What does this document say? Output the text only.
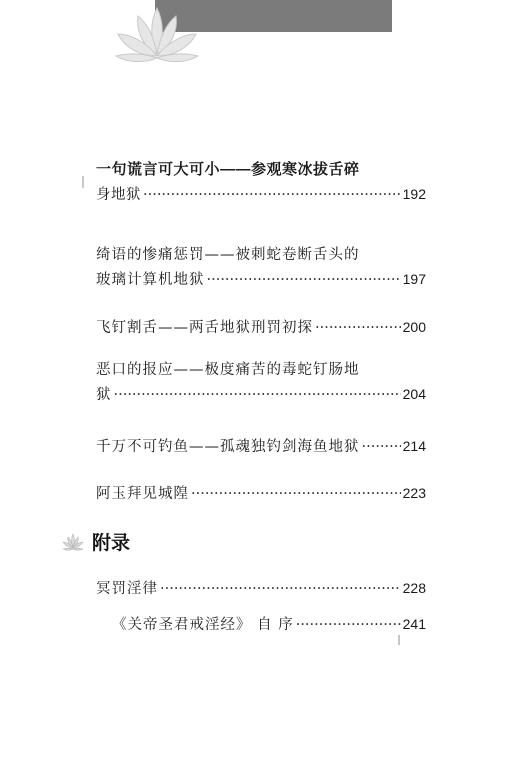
一句谎言可大可小——参观寒冰拔舌碎
身地狱 ·····	192
绮语的惨痛惩罚——被刺蛇卷断舌头的
玻璃计算机地狱 ·····	197
飞钉割舌——两舌地狱刑罚初探 ·····	200
恶口的报应——极度痛苦的毒蛇钉肠地
狱 ·····	204
千万不可钓鱼——孤魂独钓剑海鱼地狱 ·····	214
阿玉拜见城隍 ·····	223
附录
冥罚淫律 ·····	228
《关帝圣君戒淫经》 自 序 ·····	241
